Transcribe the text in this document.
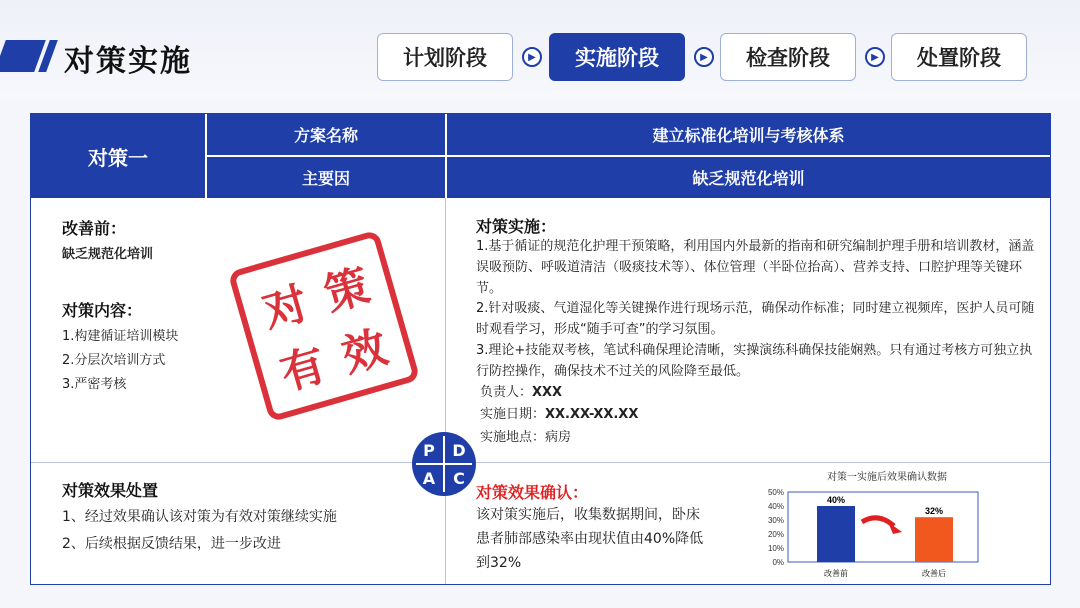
对策实施	计划阶段	▶	实施阶段	▶	检查阶段	▶	处置阶段
对策一
方案名称	建立标准化培训与考核体系
主要因	缺乏规范化培训
改善前：
缺乏规范化培训
对策内容：
1.构建循证培训模块
2.分层次培训方式
3.严密考核
对 策
有 效
对策实施：
1.基于循证的规范化护理干预策略，利用国内外最新的指南和研究编制护理手册和培训教材，涵盖误吸预防、呼吸道清洁（吸痰技术等）、体位管理（半卧位抬高）、营养支持、口腔护理等关键环节。
2.针对吸痰、气道湿化等关键操作进行现场示范，确保动作标准；同时建立视频库，医护人员可随时观看学习，形成“随手可查”的学习氛围。
3.理论+技能双考核，笔试科确保理论清晰，实操演练科确保技能娴熟。只有通过考核方可独立执行防控操作，确保技术不过关的风险降至最低。
负责人：XXX
实施日期：XX.XX-XX.XX
实施地点：病房
P	D
A	C
对策效果处置
1、经过效果确认该对策为有效对策继续实施
2、后续根据反馈结果，进一步改进
对策效果确认：
该对策实施后，收集数据期间，卧床患者肺部感染率由现状值由40%降低到32%
对策一实施后效果确认数据
50%
40%
30%
20%
10%
0%
40%
改善前
32%
改善后
